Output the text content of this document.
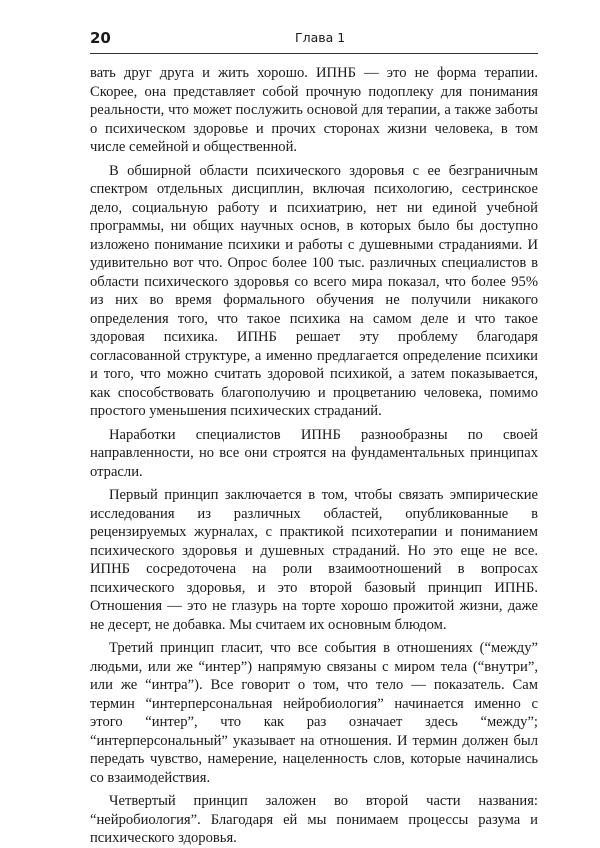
20	Глава 1

вать друг друга и жить хорошо. ИПНБ — это не форма терапии. Скорее, она представляет собой прочную подоплеку для понимания реальности, что может послужить основой для терапии, а также заботы о психическом здоровье и прочих сторонах жизни человека, в том числе семейной и общественной.

В обширной области психического здоровья с ее безграничным спектром отдельных дисциплин, включая психологию, сестринское дело, социальную работу и психиатрию, нет ни единой учебной программы, ни общих научных основ, в которых было бы доступно изложено понимание психики и работы с душевными страданиями. И удивительно вот что. Опрос более 100 тыс. различных специалистов в области психического здоровья со всего мира показал, что более 95% из них во время формального обучения не получили никакого определения того, что такое психика на самом деле и что такое здоровая психика. ИПНБ решает эту проблему благодаря согласованной структуре, а именно предлагается определение психики и того, что можно считать здоровой психикой, а затем показывается, как способствовать благополучию и процветанию человека, помимо простого уменьшения психических страданий.

Наработки специалистов ИПНБ разнообразны по своей направленности, но все они строятся на фундаментальных принципах отрасли.

Первый принцип заключается в том, чтобы связать эмпирические исследования из различных областей, опубликованные в рецензируемых журналах, с практикой психотерапии и пониманием психического здоровья и душевных страданий. Но это еще не все. ИПНБ сосредоточена на роли взаимоотношений в вопросах психического здоровья, и это второй базовый принцип ИПНБ. Отношения — это не глазурь на торте хорошо прожитой жизни, даже не десерт, не добавка. Мы считаем их основным блюдом.

Третий принцип гласит, что все события в отношениях (“между” людьми, или же “интер”) напрямую связаны с миром тела (“внутри”, или же “интра”). Все говорит о том, что тело — показатель. Сам термин “интерперсональная нейробиология” начинается именно с этого “интер”, что как раз означает здесь “между”; “интерперсональный” указывает на отношения. И термин должен был передать чувство, намерение, нацеленность слов, которые начинались со взаимодействия.

Четвертый принцип заложен во второй части названия: “нейробиология”. Благодаря ей мы понимаем процессы разума и психического здоровья.
